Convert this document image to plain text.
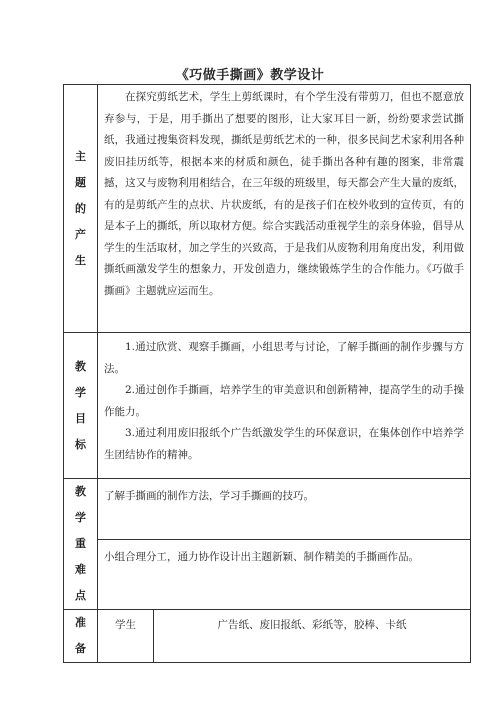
《巧做手撕画》教学设计
主题的产生	在探究剪纸艺术，学生上剪纸课时，有个学生没有带剪刀，但也不愿意放弃参与，于是，用手撕出了想要的图形，让大家耳目一新，纷纷要求尝试撕纸，我通过搜集资料发现，撕纸是剪纸艺术的一种，很多民间艺术家利用各种废旧挂历纸等，根据本来的材质和颜色，徒手撕出各种有趣的图案，非常震撼，这又与废物利用相结合，在三年级的班级里，每天都会产生大量的废纸，有的是剪纸产生的点状、片状废纸，有的是孩子们在校外收到的宣传页，有的是本子上的撕纸，所以取材方便。综合实践活动重视学生的亲身体验，倡导从学生的生活取材，加之学生的兴致高，于是我们从废物利用角度出发，利用做撕纸画激发学生的想象力，开发创造力，继续锻炼学生的合作能力。《巧做手撕画》主题就应运而生。	

教学目标	1.通过欣赏、观察手撕画，小组思考与讨论，了解手撕画的制作步骤与方法。
2.通过创作手撕画，培养学生的审美意识和创新精神，提高学生的动手操作能力。
3.通过利用废旧报纸个广告纸激发学生的环保意识，在集体创作中培养学生团结协作的精神。	

教学重难点	了解手撕画的制作方法，学习手撕画的技巧。	

	小组合理分工，通力协作设计出主题新颖、制作精美的手撕画作品。	

准备	学生	广告纸、废旧报纸、彩纸等，胶棒、卡纸
